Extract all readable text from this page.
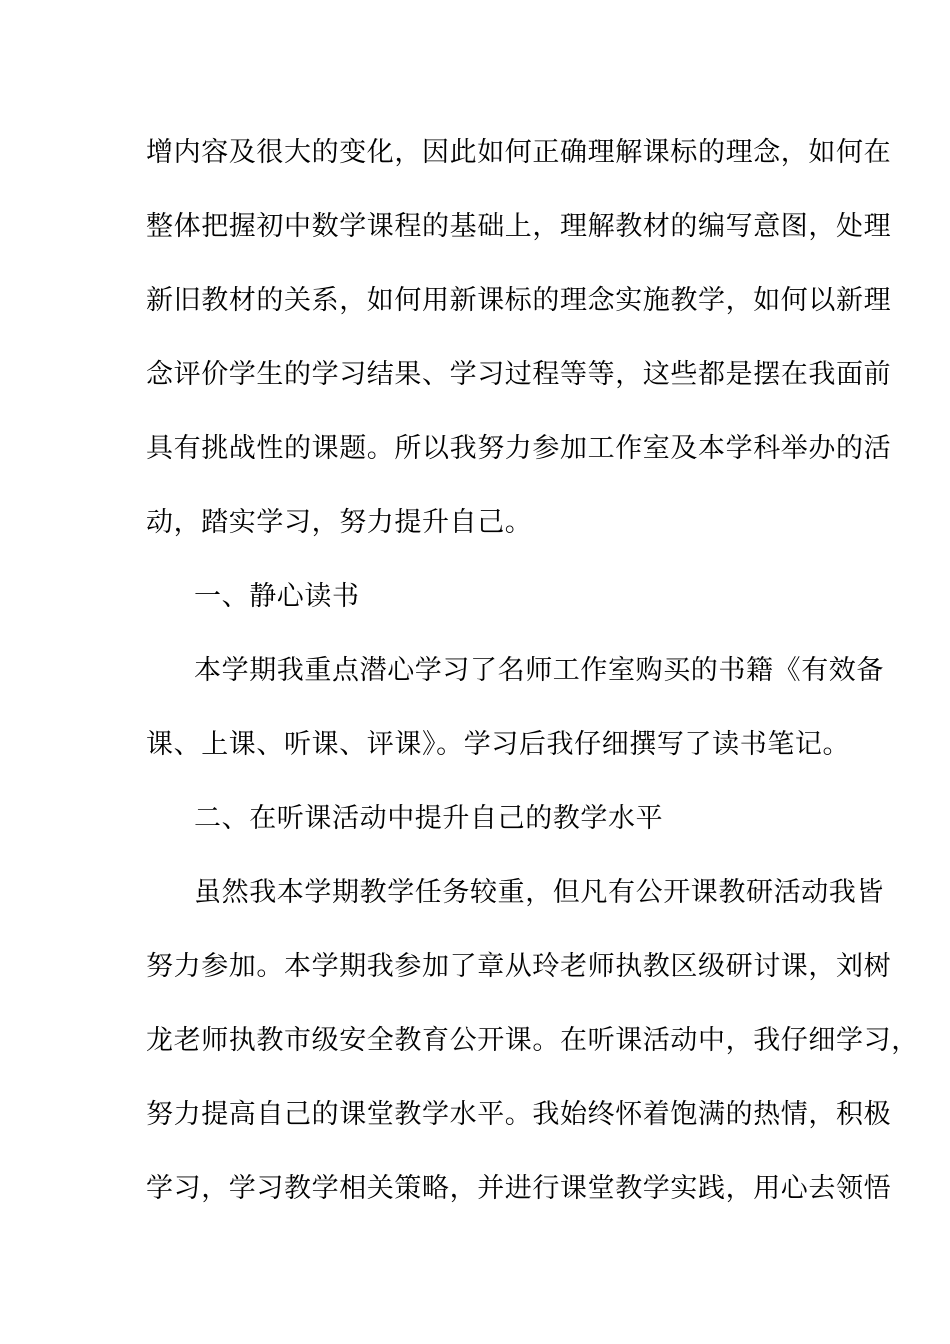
增内容及很大的变化，因此如何正确理解课标的理念，如何在
整体把握初中数学课程的基础上，理解教材的编写意图，处理
新旧教材的关系，如何用新课标的理念实施教学，如何以新理
念评价学生的学习结果、学习过程等等，这些都是摆在我面前
具有挑战性的课题。所以我努力参加工作室及本学科举办的活
动，踏实学习，努力提升自己。
一、静心读书
本学期我重点潜心学习了名师工作室购买的书籍《有效备
课、上课、听课、评课》。学习后我仔细撰写了读书笔记。
二、在听课活动中提升自己的教学水平
虽然我本学期教学任务较重，但凡有公开课教研活动我皆
努力参加。本学期我参加了章从玲老师执教区级研讨课，刘树
龙老师执教市级安全教育公开课。在听课活动中，我仔细学习，
努力提高自己的课堂教学水平。我始终怀着饱满的热情，积极
学习，学习教学相关策略，并进行课堂教学实践，用心去领悟
